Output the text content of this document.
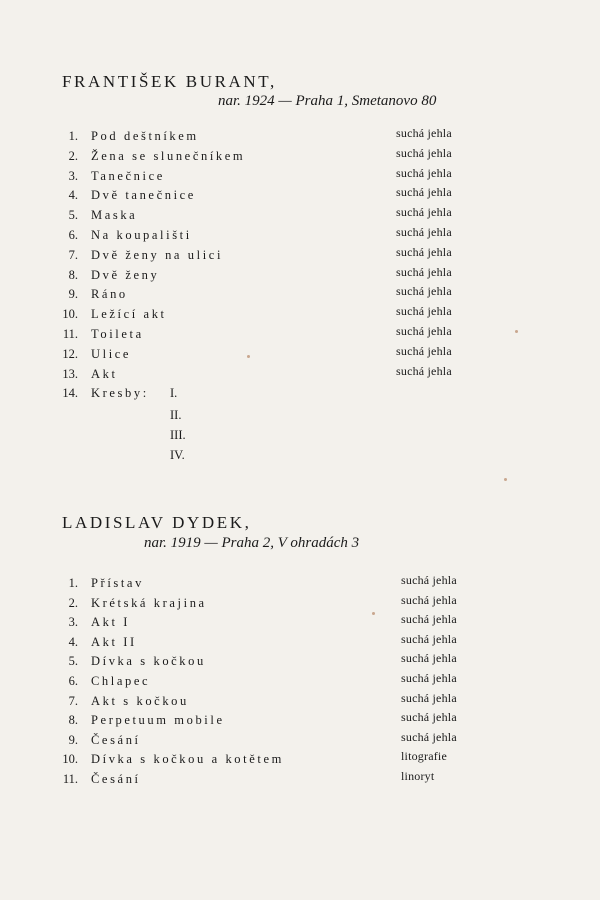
FRANTIŠEK BURANT,
nar. 1924 — Praha 1, Smetanovo 80
1. Pod deštníkem	suchá jehla
2. Žena se slunečníkem	suchá jehla
3. Tanečnice	suchá jehla
4. Dvě tanečnice	suchá jehla
5. Maska	suchá jehla
6. Na koupališti	suchá jehla
7. Dvě ženy na ulici	suchá jehla
8. Dvě ženy	suchá jehla
9. Ráno	suchá jehla
10. Ležící akt	suchá jehla
11. Toileta	suchá jehla
12. Ulice	suchá jehla
13. Akt	suchá jehla
14. Kresby: I.
II.
III.
IV.
LADISLAV DYDEK,
nar. 1919 — Praha 2, V ohradách 3
1. Přístav	suchá jehla
2. Krétská krajina	suchá jehla
3. Akt I	suchá jehla
4. Akt II	suchá jehla
5. Dívka s kočkou	suchá jehla
6. Chlapec	suchá jehla
7. Akt s kočkou	suchá jehla
8. Perpetuum mobile	suchá jehla
9. Česání	suchá jehla
10. Dívka s kočkou a kotětem	litografie
11. Česání	linoryt
